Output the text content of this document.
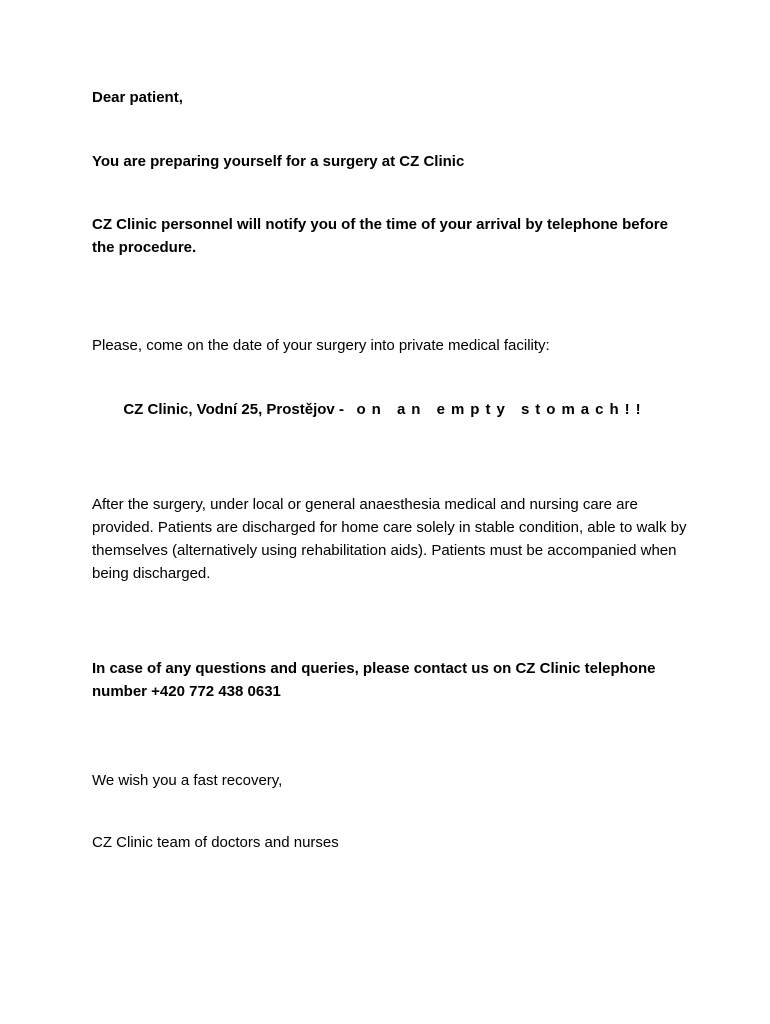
Dear patient,

You are preparing yourself for a surgery at CZ Clinic

CZ Clinic personnel will notify you of the time of your arrival by telephone before the procedure.

Please, come on the date of your surgery into private medical facility:

CZ Clinic, Vodní 25, Prostějov - on an empty stomach!!

After the surgery, under local or general anaesthesia medical and nursing care are provided. Patients are discharged for home care solely in stable condition, able to walk by themselves (alternatively using rehabilitation aids). Patients must be accompanied when being discharged.

In case of any questions and queries, please contact us on CZ Clinic telephone number +420 772 438 0631

We wish you a fast recovery,

CZ Clinic team of doctors and nurses
